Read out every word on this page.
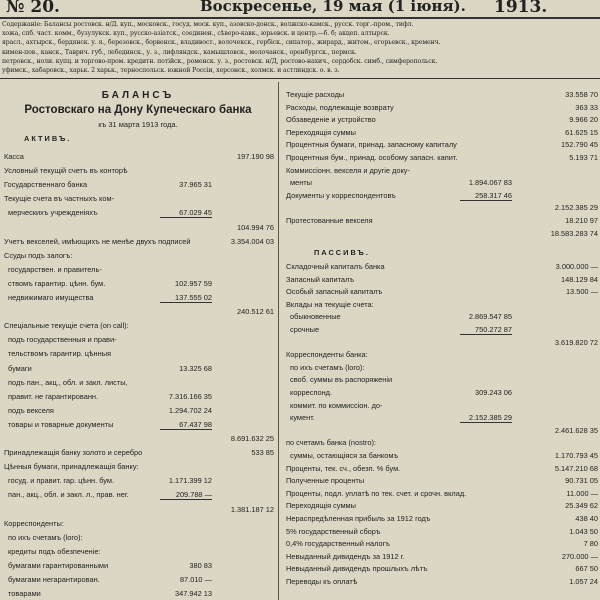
№ 20.	Воскресенье, 19 мая (1 іюня). 1913.
Содержаніе: Балансы ростовск. н/Д. куп., московск., госуд. моск. куп., азовско-донск., волжско-камск., русск. торг.-пром., тифл.
хожа, спб. част. комм., бузулукск. куп., русско-азіатск., соединен., сѣверо-кавк., юрьевск. и центр.—б. б; акцеп. алтырск.
ярасл., ахтырск., бердянск. у. я., березовск., борвенск., владивост., волочекск., гербіск., сипатор., жирард., житом., егорьевск., кременч.
кимен-пов., канск., Таврич. губ., лебединск., у. з., лифляндск., камышловск., молочанск., оренбургск., пермск.
петровск., ноли. купц. и торгово-пром. кредитн. потійск., роменск. у. з., ростовск. н/Д, ростово-нахич., сердобск. симб., симферопольск.
уфимск., хабаровск., харьк. 2 харьк., терноспольск. южной Россіи, херсонск., холмск. и астлиндск. о. в. з.
БАЛАНСЪ
Ростовскаго на Дону Купеческаго банка
къ 31 марта 1913 года.
АКТИВЪ.
Касса	197.190 98
Условный текущій счетъ въ конторѣ
Государственнаго банка	37.965 31
Текущіе счета въ частныхъ ком-
мерческихъ учрежденіяхъ	67.029 45
104.994 76
Учетъ векселей, имѣющихъ не менѣе двухъ подписей	3.354.004 03
Ссуды подъ залогъ:
государствен. и правитель-
ствомъ гарантир. цѣнн. бум.	102.957 59
недвижимаго имущества	137.555 02
240.512 61
Спеціальные текущіе счета (on call):
подъ государственныя и прави-
тельствомъ гарантир. цѣнныя
бумаги	13.325 68
подъ пан., акц., обл. и закл. листы,
правит. не гарантированн.	7.316.166 35
подъ векселя	1.294.702 24
товары и товарные документы	67.437 98
8.691.632 25
Принадлежащія банку золото и серебро	533 85
Цѣнныя бумаги, принадлежащія банку:
госуд. и правит. гар. цѣнн. бум.	1.171.399 12
пан., акц., обл. и закл. л., прав. нег.	209.788 —
1.381.187 12
Корреспонденты:
по ихъ счетамъ (loro):
кредиты подъ обезпеченіе:
бумагами гарантированными	380 83
бумагами негарантирован.	87.010 —
товарами	347.942 13
Текущіе расходы	33.558 70
Расходы, подлежащіе возврату	363 33
Обзаведеніе и устройство	9.966 20
Переходящія суммы	61.625 15
Процентныя бумаги, принад. запасному капиталу	152.790 45
Процентныя бум., принад. особому запасн. капит.	5.193 71
Коммиссіонн. векселя и другіе доку-
менты	1.894.067 83
Документы у корреспондентовъ	258.317 46
2.152.385 29
Протестованные векселя	18.210 97
18.583.283 74
ПАССИВЪ.
Складочный капиталъ банка	3.000.000 —
Запасный капиталъ	148.129 84
Особый запасный капиталъ	13.500 —
Вклады на текущіе счета:
обыкновенные	2.869.547 85
срочные	750.272 87
3.619.820 72
Корреспонденты банка:
по ихъ счетамъ (loro):
своб. суммы въ распоряженіи
корреспонд.	309.243 06
коммит. по коммиссіон. до-
кумент.	2.152.385 29
2.461.628 35
по счетамъ банка (nostro):
суммы, остающіяся за банкомъ	1.170.793 45
Проценты, тек. сч., обезп. % бум.	5.147.210 68
Полученные проценты	90.731 05
Проценты, подл. уплатѣ по тек. счет. и срочн. вклад.	11.000 —
Переходящія суммы	25.349 62
Нераспредѣленная прибыль за 1912 годъ	438 40
5% государственный сборъ	1.043 50
0,4% государственный налогъ	7 80
Невыданный дивидендъ за 1912 г.	270.000 —
Невыданный дивидендъ прошлыхъ лѣтъ	667 50
Переводы къ оплатѣ	1.057 24
